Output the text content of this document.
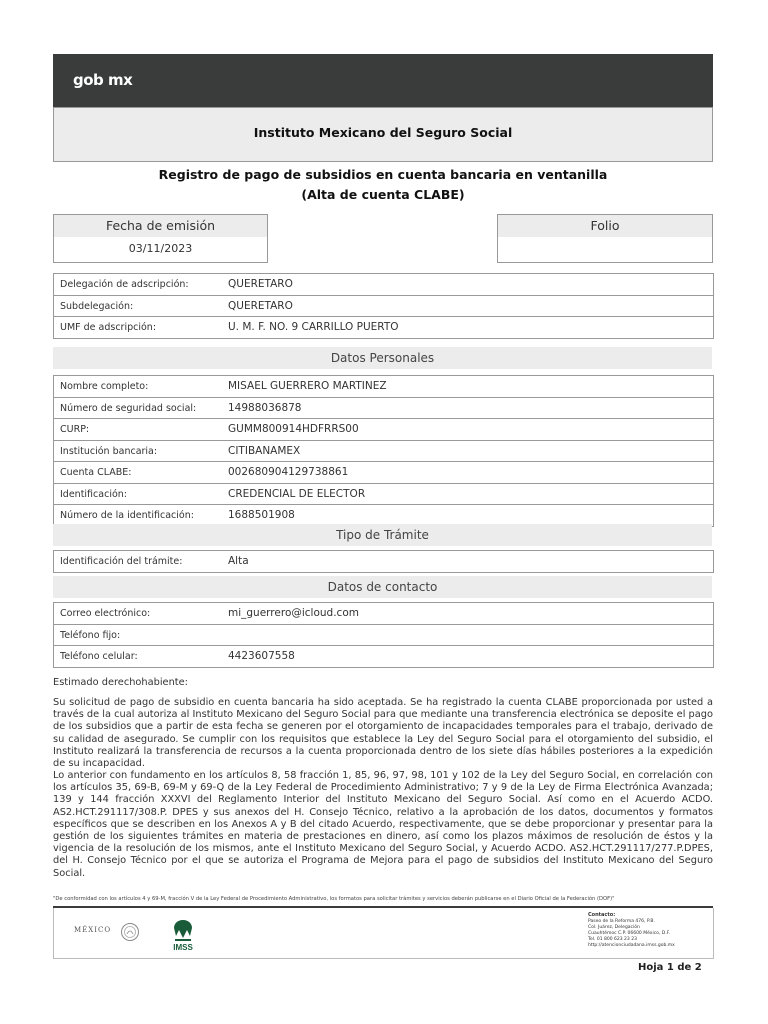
gob mx
Instituto Mexicano del Seguro Social
Registro de pago de subsidios en cuenta bancaria en ventanilla
(Alta de cuenta CLABE)
Fecha de emisión
03/11/2023
Folio
Delegación de adscripción:	QUERETARO
Subdelegación:	QUERETARO
UMF de adscripción:	U. M. F. NO. 9 CARRILLO PUERTO
Datos Personales
Nombre completo:	MISAEL GUERRERO MARTINEZ
Número de seguridad social:	14988036878
CURP:	GUMM800914HDFRRS00
Institución bancaria:	CITIBANAMEX
Cuenta CLABE:	002680904129738861
Identificación:	CREDENCIAL DE ELECTOR
Número de la identificación:	1688501908
Tipo de Trámite
Identificación del trámite:	Alta
Datos de contacto
Correo electrónico:	mi_guerrero@icloud.com
Teléfono fijo:
Teléfono celular:	4423607558
Estimado derechohabiente:
Su solicitud de pago de subsidio en cuenta bancaria ha sido aceptada. Se ha registrado la cuenta CLABE proporcionada por usted a través de la cual autoriza al Instituto Mexicano del Seguro Social para que mediante una transferencia electrónica se deposite el pago de los subsidios que a partir de esta fecha se generen por el otorgamiento de incapacidades temporales para el trabajo, derivado de su calidad de asegurado. Se cumplir con los requisitos que establece la Ley del Seguro Social para el otorgamiento del subsidio, el Instituto realizará la transferencia de recursos a la cuenta proporcionada dentro de los siete días hábiles posteriores a la expedición de su incapacidad.
Lo anterior con fundamento en los artículos 8, 58 fracción 1, 85, 96, 97, 98, 101 y 102 de la Ley del Seguro Social, en correlación con los artículos 35, 69-B, 69-M y 69-Q de la Ley Federal de Procedimiento Administrativo; 7 y 9 de la Ley de Firma Electrónica Avanzada; 139 y 144 fracción XXXVI del Reglamento Interior del Instituto Mexicano del Seguro Social. Así como en el Acuerdo ACDO. AS2.HCT.291117/308.P. DPES y sus anexos del H. Consejo Técnico, relativo a la aprobación de los datos, documentos y formatos específicos que se describen en los Anexos A y B del citado Acuerdo, respectivamente, que se debe proporcionar y presentar para la gestión de los siguientes trámites en materia de prestaciones en dinero, así como los plazos máximos de resolución de éstos y la vigencia de la resolución de los mismos, ante el Instituto Mexicano del Seguro Social, y Acuerdo ACDO. AS2.HCT.291117/277.P.DPES, del H. Consejo Técnico por el que se autoriza el Programa de Mejora para el pago de subsidios del Instituto Mexicano del Seguro Social.
"De conformidad con los artículos 4 y 69-M, fracción V de la Ley Federal de Procedimiento Administrativo, los formatos para solicitar trámites y servicios deberán publicarse en el Diario Oficial de la Federación (DOF)"
MÉXICO
IMSS
Contacto:
Paseo de la Reforma 476, P.B.
Col. Juárez, Delegación
Cuauhtémoc C.P. 06600 México, D.F.
Tel. 01 800 623 23 23
http://atencionciudadana.imss.gob.mx
Hoja 1 de 2
